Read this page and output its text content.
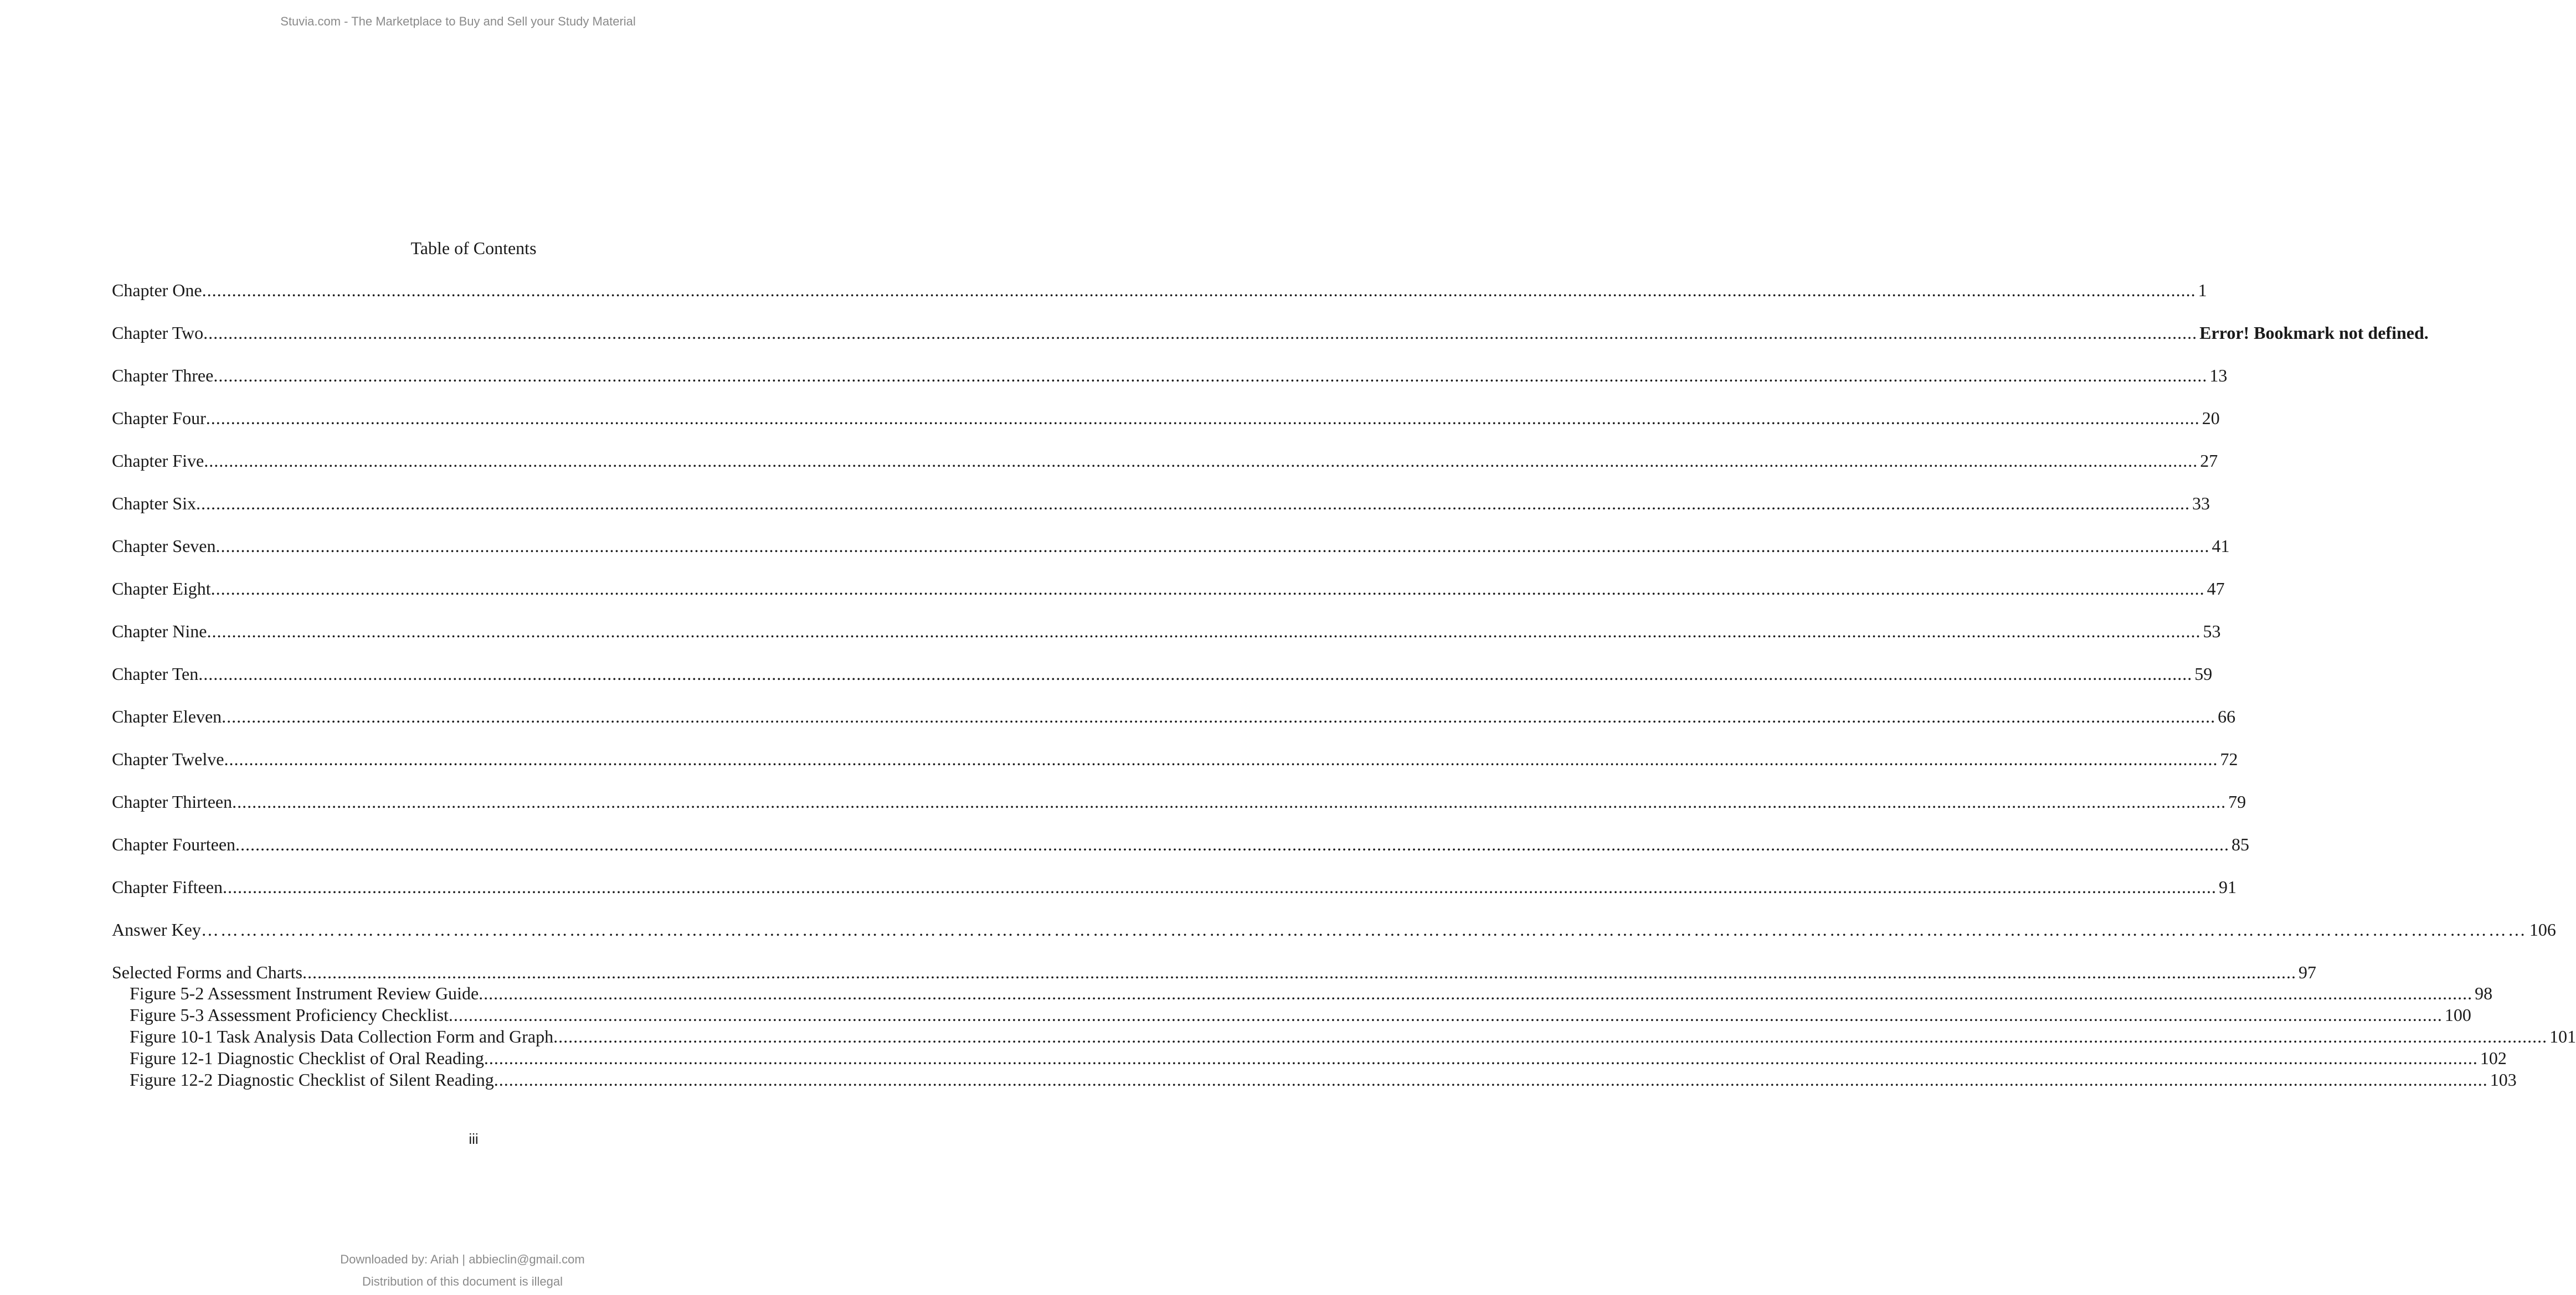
Stuvia.com - The Marketplace to Buy and Sell your Study Material
Table of Contents
Chapter One ................................................................................................................................................................................................................................................................................................................................................................................................................ 1
Chapter Two ................................................................................................................................................................................................................................................................................................................................................................................................................ Error! Bookmark not defined.
Chapter Three ................................................................................................................................................................................................................................................................................................................................................................................................................ 13
Chapter Four ................................................................................................................................................................................................................................................................................................................................................................................................................ 20
Chapter Five ................................................................................................................................................................................................................................................................................................................................................................................................................ 27
Chapter Six ................................................................................................................................................................................................................................................................................................................................................................................................................ 33
Chapter Seven ................................................................................................................................................................................................................................................................................................................................................................................................................ 41
Chapter Eight ................................................................................................................................................................................................................................................................................................................................................................................................................ 47
Chapter Nine ................................................................................................................................................................................................................................................................................................................................................................................................................ 53
Chapter Ten ................................................................................................................................................................................................................................................................................................................................................................................................................ 59
Chapter Eleven ................................................................................................................................................................................................................................................................................................................................................................................................................ 66
Chapter Twelve ................................................................................................................................................................................................................................................................................................................................................................................................................ 72
Chapter Thirteen ................................................................................................................................................................................................................................................................................................................................................................................................................ 79
Chapter Fourteen ................................................................................................................................................................................................................................................................................................................................................................................................................ 85
Chapter Fifteen ................................................................................................................................................................................................................................................................................................................................................................................................................ 91
Answer Key ……………………………………………………………………………………………………………………………………………………………………………………………………………………………………………………………………………………………………………………………… 106
Selected Forms and Charts ................................................................................................................................................................................................................................................................................................................................................................................................................ 97
Figure 5-2 Assessment Instrument Review Guide ................................................................................................................................................................................................................................................................................................................................................................................................................ 98
Figure 5-3 Assessment Proficiency Checklist ................................................................................................................................................................................................................................................................................................................................................................................................................ 100
Figure 10-1 Task Analysis Data Collection Form and Graph ................................................................................................................................................................................................................................................................................................................................................................................................................ 101
Figure 12-1 Diagnostic Checklist of Oral Reading ................................................................................................................................................................................................................................................................................................................................................................................................................ 102
Figure 12-2 Diagnostic Checklist of Silent Reading ................................................................................................................................................................................................................................................................................................................................................................................................................ 103
iii
Downloaded by: Ariah | abbieclin@gmail.com
Distribution of this document is illegal
